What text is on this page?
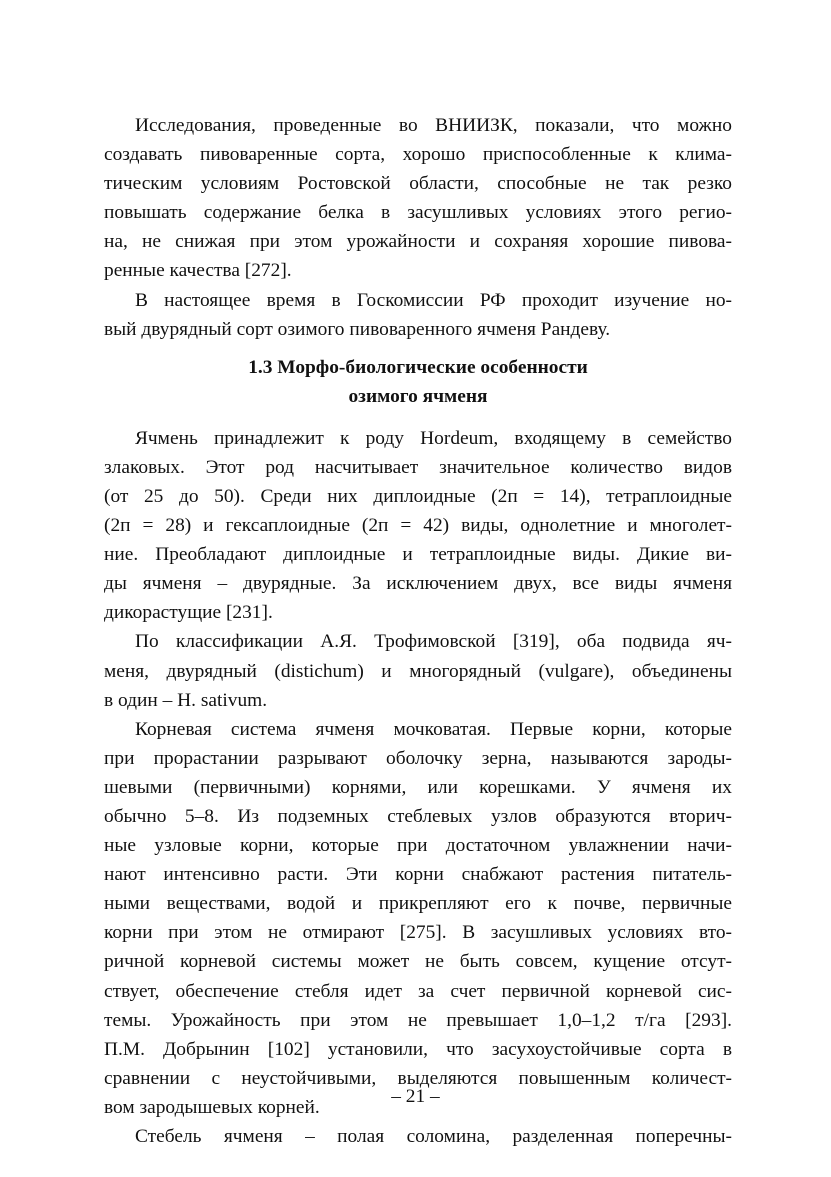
Исследования, проведенные во ВНИИЗК, показали, что можно
создавать пивоваренные сорта, хорошо приспособленные к клима-
тическим условиям Ростовской области, способные не так резко
повышать содержание белка в засушливых условиях этого регио-
на, не снижая при этом урожайности и сохраняя хорошие пивова-
ренные качества [272].
В настоящее время в Госкомиссии РФ проходит изучение но-
вый двурядный сорт озимого пивоваренного ячменя Рандеву.
1.3 Морфо-биологические особенности
озимого ячменя
Ячмень принадлежит к роду Hordeum, входящему в семейство
злаковых. Этот род насчитывает значительное количество видов
(от 25 до 50). Среди них диплоидные (2п = 14), тетраплоидные
(2п = 28) и гексаплоидные (2п = 42) виды, однолетние и многолет-
ние. Преобладают диплоидные и тетраплоидные виды. Дикие ви-
ды ячменя – двурядные. За исключением двух, все виды ячменя
дикорастущие [231].
По классификации А.Я. Трофимовской [319], оба подвида яч-
меня, двурядный (distichum) и многорядный (vulgare), объединены
в один – H. sativum.
Корневая система ячменя мочковатая. Первые корни, которые
при прорастании разрывают оболочку зерна, называются зароды-
шевыми (первичными) корнями, или корешками. У ячменя их
обычно 5–8. Из подземных стеблевых узлов образуются вторич-
ные узловые корни, которые при достаточном увлажнении начи-
нают интенсивно расти. Эти корни снабжают растения питатель-
ными веществами, водой и прикрепляют его к почве, первичные
корни при этом не отмирают [275]. В засушливых условиях вто-
ричной корневой системы может не быть совсем, кущение отсут-
ствует, обеспечение стебля идет за счет первичной корневой сис-
темы. Урожайность при этом не превышает 1,0–1,2 т/га [293].
П.М. Добрынин [102] установили, что засухоустойчивые сорта в
сравнении с неустойчивыми, выделяются повышенным количест-
вом зародышевых корней.
Стебель ячменя – полая соломина, разделенная поперечны-
– 21 –
